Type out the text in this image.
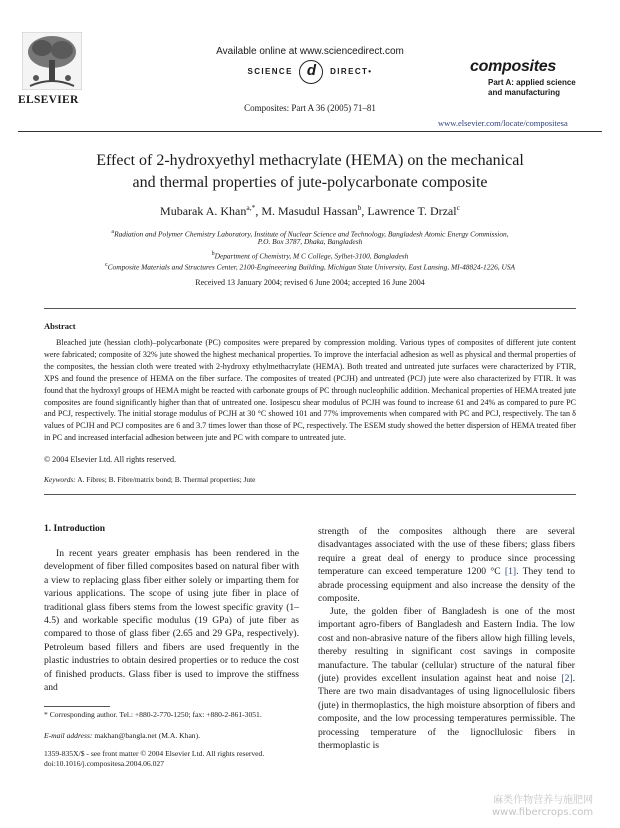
ELSEVIER
Available online at www.sciencedirect.com
SCIENCE d DIRECT•
Composites: Part A 36 (2005) 71–81
composites
Part A: applied science
and manufacturing
www.elsevier.com/locate/compositesa
Effect of 2-hydroxyethyl methacrylate (HEMA) on the mechanical
and thermal properties of jute-polycarbonate composite
Mubarak A. Khan$^{a,*}$, M. Masudul Hassan$^b$, Lawrence T. Drzal$^c$
$^a$Radiation and Polymer Chemistry Laboratory, Institute of Nuclear Science and Technology, Bangladesh Atomic Energy Commission,
P.O. Box 3787, Dhaka, Bangladesh
$^b$Department of Chemistry, M C College, Sylhet-3100, Bangladesh
$^c$Composite Materials and Structures Center, 2100-Engineeering Building, Michigan State University, East Lansing, MI-48824-1226, USA
Received 13 January 2004; revised 6 June 2004; accepted 16 June 2004
Abstract
Bleached jute (hessian cloth)–polycarbonate (PC) composites were prepared by compression molding. Various types of composites of different jute content were fabricated; composite of 32% jute showed the highest mechanical properties. To improve the interfacial adhesion as well as physical and thermal properties of the composites, the hessian cloth were treated with 2-hydroxy ethylmethacrylate (HEMA). Both treated and untreated jute surfaces were characterized by FTIR, XPS and found the presence of HEMA on the fiber surface. The composites of treated (PCJH) and untreated (PCJ) jute were also characterized by FTIR. It was found that the hydroxyl groups of HEMA might be reacted with carbonate groups of PC through nucleophilic addition. Mechanical properties of HEMA treated jute composites are found significantly higher than that of untreated one. Iosipescu shear modulus of PCJH was found to increase 61 and 24% as compared to pure PC and PCJ, respectively. The initial storage modulus of PCJH at 30 °C showed 101 and 77% improvements when compared with PC and PCJ, respectively. The tan δ values of PCJH and PCJ composites are 6 and 3.7 times lower than those of PC, respectively. The ESEM study showed the better dispersion of HEMA treated fiber in PC and increased interfacial adhesion between jute and PC with compare to untreated jute.
© 2004 Elsevier Ltd. All rights reserved.
Keywords: A. Fibres; B. Fibre/matrix bond; B. Thermal properties; Jute
1. Introduction
In recent years greater emphasis has been rendered in the development of fiber filled composites based on natural fiber with a view to replacing glass fiber either solely or imparting them for various applications. The scope of using jute fiber in place of traditional glass fibers stems from the lowest specific gravity (1–4.5) and workable specific modulus (19 GPa) of jute fiber as compared to those of glass fiber (2.65 and 29 GPa, respectively). Petroleum based fillers and fibers are used frequently in the plastic industries to obtain desired properties or to reduce the cost of finished products. Glass fiber is used to improve the stiffness and
strength of the composites although there are several disadvantages associated with the use of these fibers; glass fibers require a great deal of energy to produce since processing temperature can exceed temperature 1200 °C [1]. They tend to abrade processing equipment and also increase the density of the composite.
Jute, the golden fiber of Bangladesh is one of the most important agro-fibers of Bangladesh and Eastern India. The low cost and non-abrasive nature of the fibers allow high filling levels, thereby resulting in significant cost savings in composite manufacture. The tabular (cellular) structure of the natural fiber (jute) provides excellent insulation against heat and noise [2]. There are two main disadvantages of using lignocellulosic fibers (jute) in thermoplastics, the high moisture absorption of fibers and composite, and the low processing temperatures permissible. The processing temperature of the lignocllulosic fibers in thermoplastic is
* Corresponding author. Tel.: +880-2-770-1250; fax: +880-2-861-3051.
E-mail address: makhan@bangla.net (M.A. Khan).
1359-835X/$ - see front matter © 2004 Elsevier Ltd. All rights reserved.
doi:10.1016/j.compositesa.2004.06.027
麻类作物营养与施肥网
www.fibercrops.com
